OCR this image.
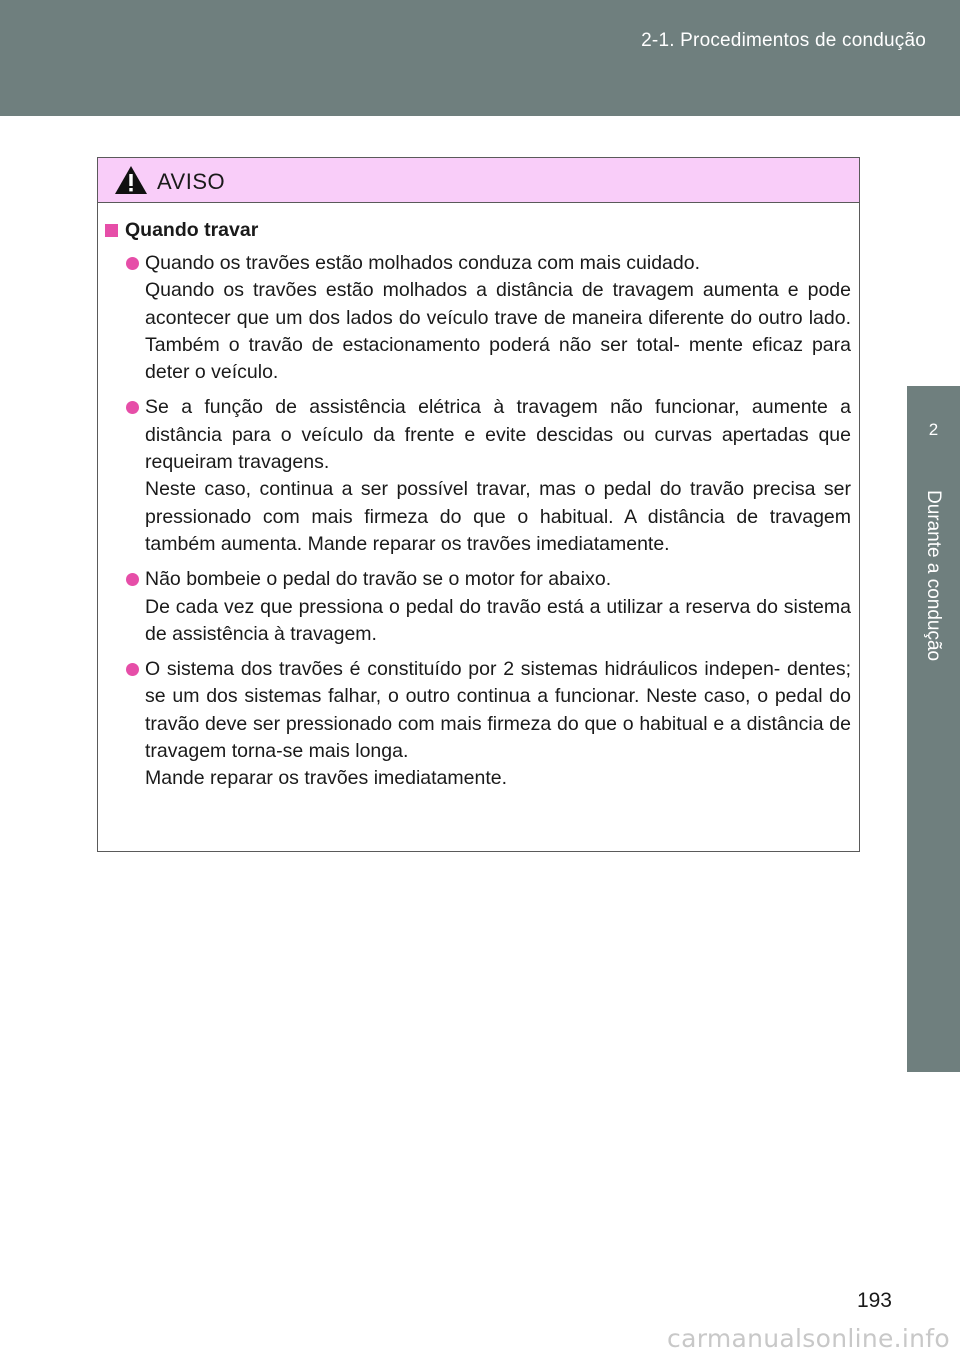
2-1. Procedimentos de condução
2
Durante a condução
AVISO
Quando travar

Quando os travões estão molhados conduza com mais cuidado.

Quando os travões estão molhados a distância de travagem aumenta e pode acontecer que um dos lados do veículo trave de maneira diferente do outro lado. Também o travão de estacionamento poderá não ser total- mente eficaz para deter o veículo.

Se a função de assistência elétrica à travagem não funcionar, aumente a distância para o veículo da frente e evite descidas ou curvas apertadas que requeiram travagens.

Neste caso, continua a ser possível travar, mas o pedal do travão precisa ser pressionado com mais firmeza do que o habitual. A distância de travagem também aumenta. Mande reparar os travões imediatamente.

Não bombeie o pedal do travão se o motor for abaixo.

De cada vez que pressiona o pedal do travão está a utilizar a reserva do sistema de assistência à travagem.

O sistema dos travões é constituído por 2 sistemas hidráulicos indepen- dentes; se um dos sistemas falhar, o outro continua a funcionar. Neste caso, o pedal do travão deve ser pressionado com mais firmeza do que o habitual e a distância de travagem torna-se mais longa.

Mande reparar os travões imediatamente.

193
carmanualsonline.info
